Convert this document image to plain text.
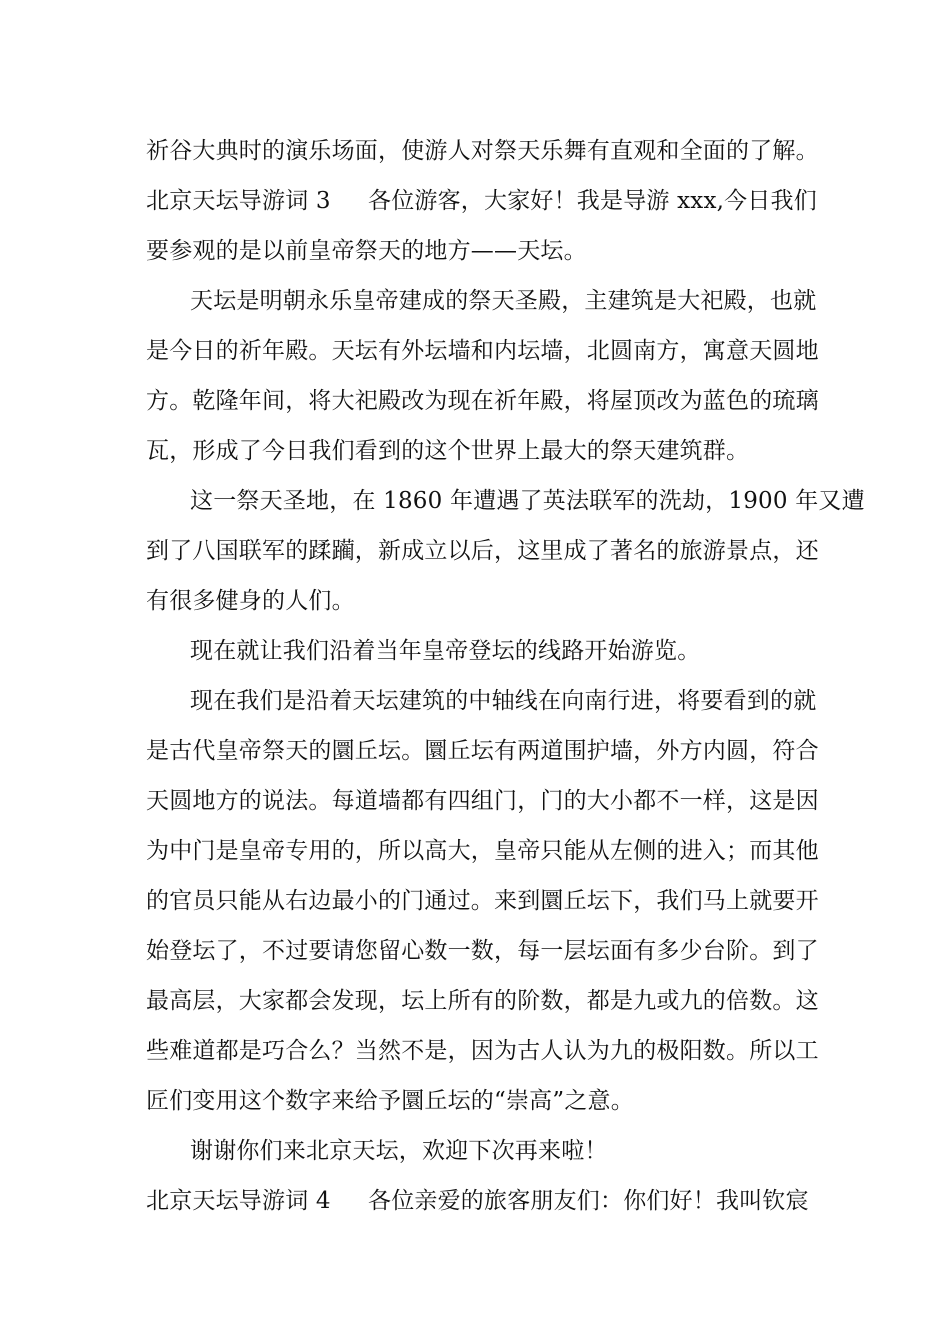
祈谷大典时的演乐场面，使游人对祭天乐舞有直观和全面的了解。
北京天坛导游词 3 各位游客，大家好！我是导游 xxx,今日我们
要参观的是以前皇帝祭天的地方——天坛。
天坛是明朝永乐皇帝建成的祭天圣殿，主建筑是大祀殿，也就
是今日的祈年殿。天坛有外坛墙和内坛墙，北圆南方，寓意天圆地
方。乾隆年间，将大祀殿改为现在祈年殿，将屋顶改为蓝色的琉璃
瓦，形成了今日我们看到的这个世界上最大的祭天建筑群。
这一祭天圣地，在 1860 年遭遇了英法联军的洗劫，1900 年又遭
到了八国联军的蹂躏，新成立以后，这里成了著名的旅游景点，还
有很多健身的人们。
现在就让我们沿着当年皇帝登坛的线路开始游览。
现在我们是沿着天坛建筑的中轴线在向南行进，将要看到的就
是古代皇帝祭天的圜丘坛。圜丘坛有两道围护墙，外方内圆，符合
天圆地方的说法。每道墙都有四组门，门的大小都不一样，这是因
为中门是皇帝专用的，所以高大，皇帝只能从左侧的进入；而其他
的官员只能从右边最小的门通过。来到圜丘坛下，我们马上就要开
始登坛了，不过要请您留心数一数，每一层坛面有多少台阶。到了
最高层，大家都会发现，坛上所有的阶数，都是九或九的倍数。这
些难道都是巧合么？当然不是，因为古人认为九的极阳数。所以工
匠们变用这个数字来给予圜丘坛的“崇高”之意。
谢谢你们来北京天坛，欢迎下次再来啦！
北京天坛导游词 4 各位亲爱的旅客朋友们：你们好！我叫钦宸
